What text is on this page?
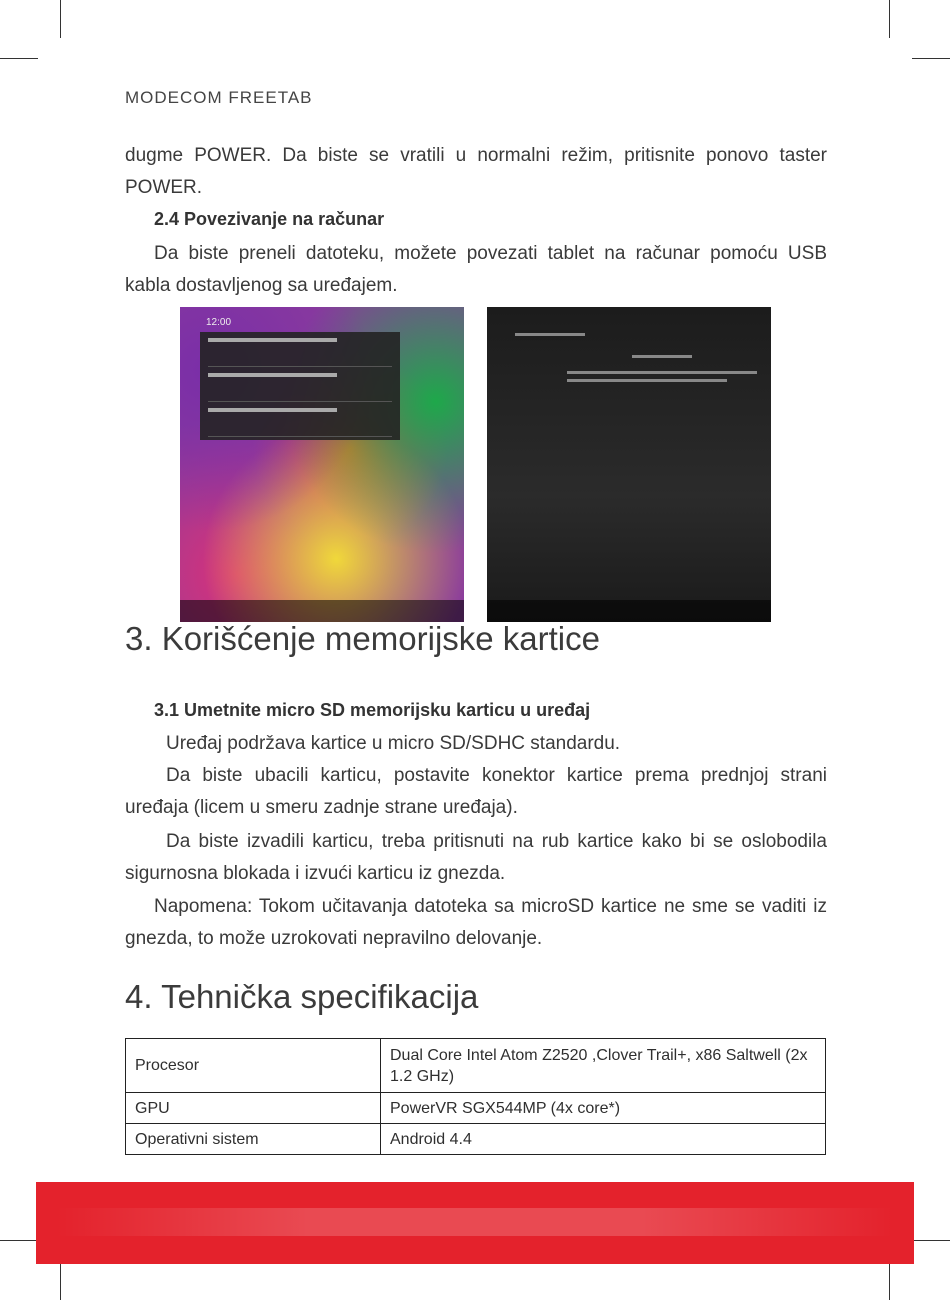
MODECOM FREETAB

dugme POWER. Da biste se vratili u normalni režim, pritisnite ponovo taster POWER.

2.4 Povezivanje na računar

Da biste preneli datoteku, možete povezati tablet na računar pomoću USB kabla dostavljenog sa uređajem.

12:00
3. Korišćenje memorijske kartice
3.1 Umetnite micro SD memorijsku karticu u uređaj

Uređaj podržava kartice u micro SD/SDHC standardu.

Da biste ubacili karticu, postavite konektor kartice prema prednjoj strani uređaja (licem u smeru zadnje strane uređaja).

Da biste izvadili karticu, treba pritisnuti na rub kartice kako bi se oslobodila sigurnosna blokada i izvući karticu iz gnezda.

Napomena: Tokom učitavanja datoteka sa microSD kartice ne sme se vaditi iz gnezda, to može uzrokovati nepravilno delovanje.

4. Tehnička specifikacija
Procesor	Dual Core Intel Atom Z2520 ,Clover Trail+, x86 Saltwell (2x 1.2 GHz)
GPU	PowerVR SGX544MP (4x core*)
Operativni sistem	Android 4.4
